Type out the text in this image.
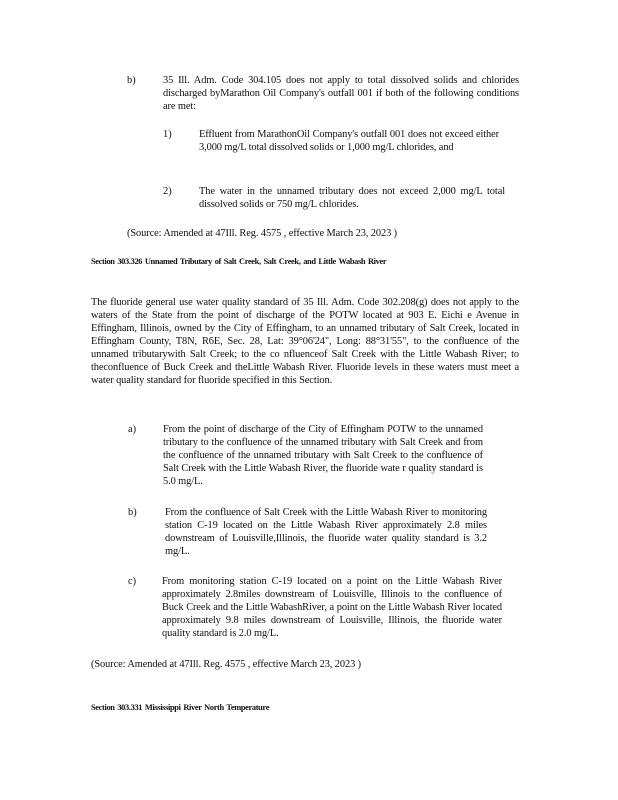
b)	35 Ill. Adm. Code 304.105 does not apply to total dissolved solids and chlorides discharged byMarathon Oil Company's outfall 001 if both of the following conditions are met:
1)	Effluent from MarathonOil Company's outfall 001 does not exceed either 3,000 mg/L total dissolved solids or 1,000 mg/L chlorides, and
2)	The water in the unnamed tributary does not exceed 2,000 mg/L total dissolved solids or 750 mg/L chlorides.
(Source: Amended at 47Ill. Reg. 4575 , effective March 23, 2023 )
Section 303.326 Unnamed Tributary of Salt Creek, Salt Creek, and Little Wabash River
The fluoride general use water quality standard of 35 Ill. Adm. Code 302.208(g) does not apply to the waters of the State from the point of discharge of the POTW located at 903 E. Eichi e Avenue in Effingham, Illinois, owned by the City of Effingham, to an unnamed tributary of Salt Creek, located in Effingham County, T8N, R6E, Sec. 28, Lat: 39°06'24", Long: 88°31'55", to the confluence of the unnamed tributarywith Salt Creek; to the co nfluenceof Salt Creek with the Little Wabash River; to theconfluence of Buck Creek and theLittle Wabash River. Fluoride levels in these waters must meet a water quality standard for fluoride specified in this Section.
a)	From the point of discharge of the City of Effingham POTW to the unnamed tributary to the confluence of the unnamed tributary with Salt Creek and from the confluence of the unnamed tributary with Salt Creek to the confluence of Salt Creek with the Little Wabash River, the fluoride wate r quality standard is 5.0 mg/L.
b)	From the confluence of Salt Creek with the Little Wabash River to monitoring station C-19 located on the Little Wabash River approximately 2.8 miles downstream of Louisville,Illinois, the fluoride water quality standard is 3.2 mg/L.
c) From monitoring station C-19 located on a point on the Little Wabash River approximately 2.8miles downstream of Louisville, Illinois to the confluence of Buck Creek and the Little WabashRiver, a point on the Little Wabash River located approximately 9.8 miles downstream of Louisville, Illinois, the fluoride water quality standard is 2.0 mg/L.
(Source: Amended at 47Ill. Reg. 4575 , effective March 23, 2023 )
Section 303.331 Mississippi River North Temperature
